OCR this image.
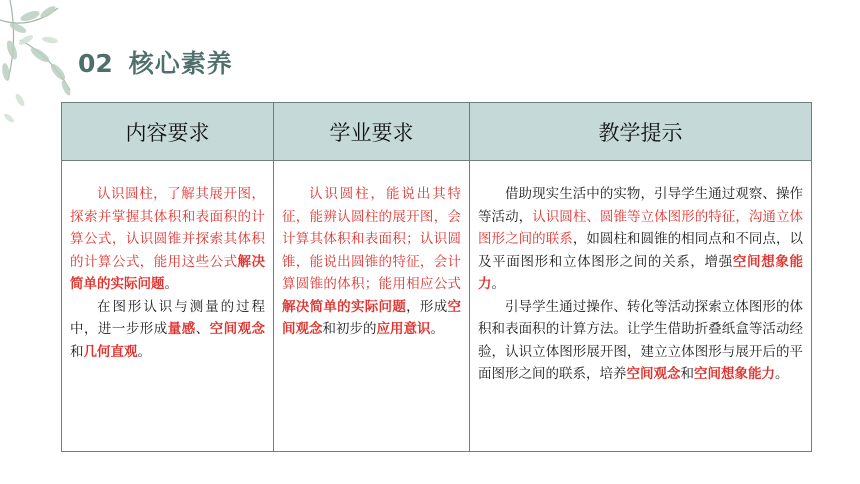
02 核心素养
内容要求	学业要求	教学提示

认识圆柱，了解其展开图，探索并掌握其体积和表面积的计算公式，认识圆锥并探索其体积的计算公式，能用这些公式解决简单的实际问题。

在图形认识与测量的过程中，进一步形成量感、空间观念和几何直观。

认识圆柱，能说出其特征，能辨认圆柱的展开图，会计算其体积和表面积；认识圆锥，能说出圆锥的特征，会计算圆锥的体积；能用相应公式解决简单的实际问题，形成空间观念和初步的应用意识。

借助现实生活中的实物，引导学生通过观察、操作等活动，认识圆柱、圆锥等立体图形的特征，沟通立体图形之间的联系，如圆柱和圆锥的相同点和不同点，以及平面图形和立体图形之间的关系，增强空间想象能力。

引导学生通过操作、转化等活动探索立体图形的体积和表面积的计算方法。让学生借助折叠纸盒等活动经验，认识立体图形展开图，建立立体图形与展开后的平面图形之间的联系，培养空间观念和空间想象能力。
